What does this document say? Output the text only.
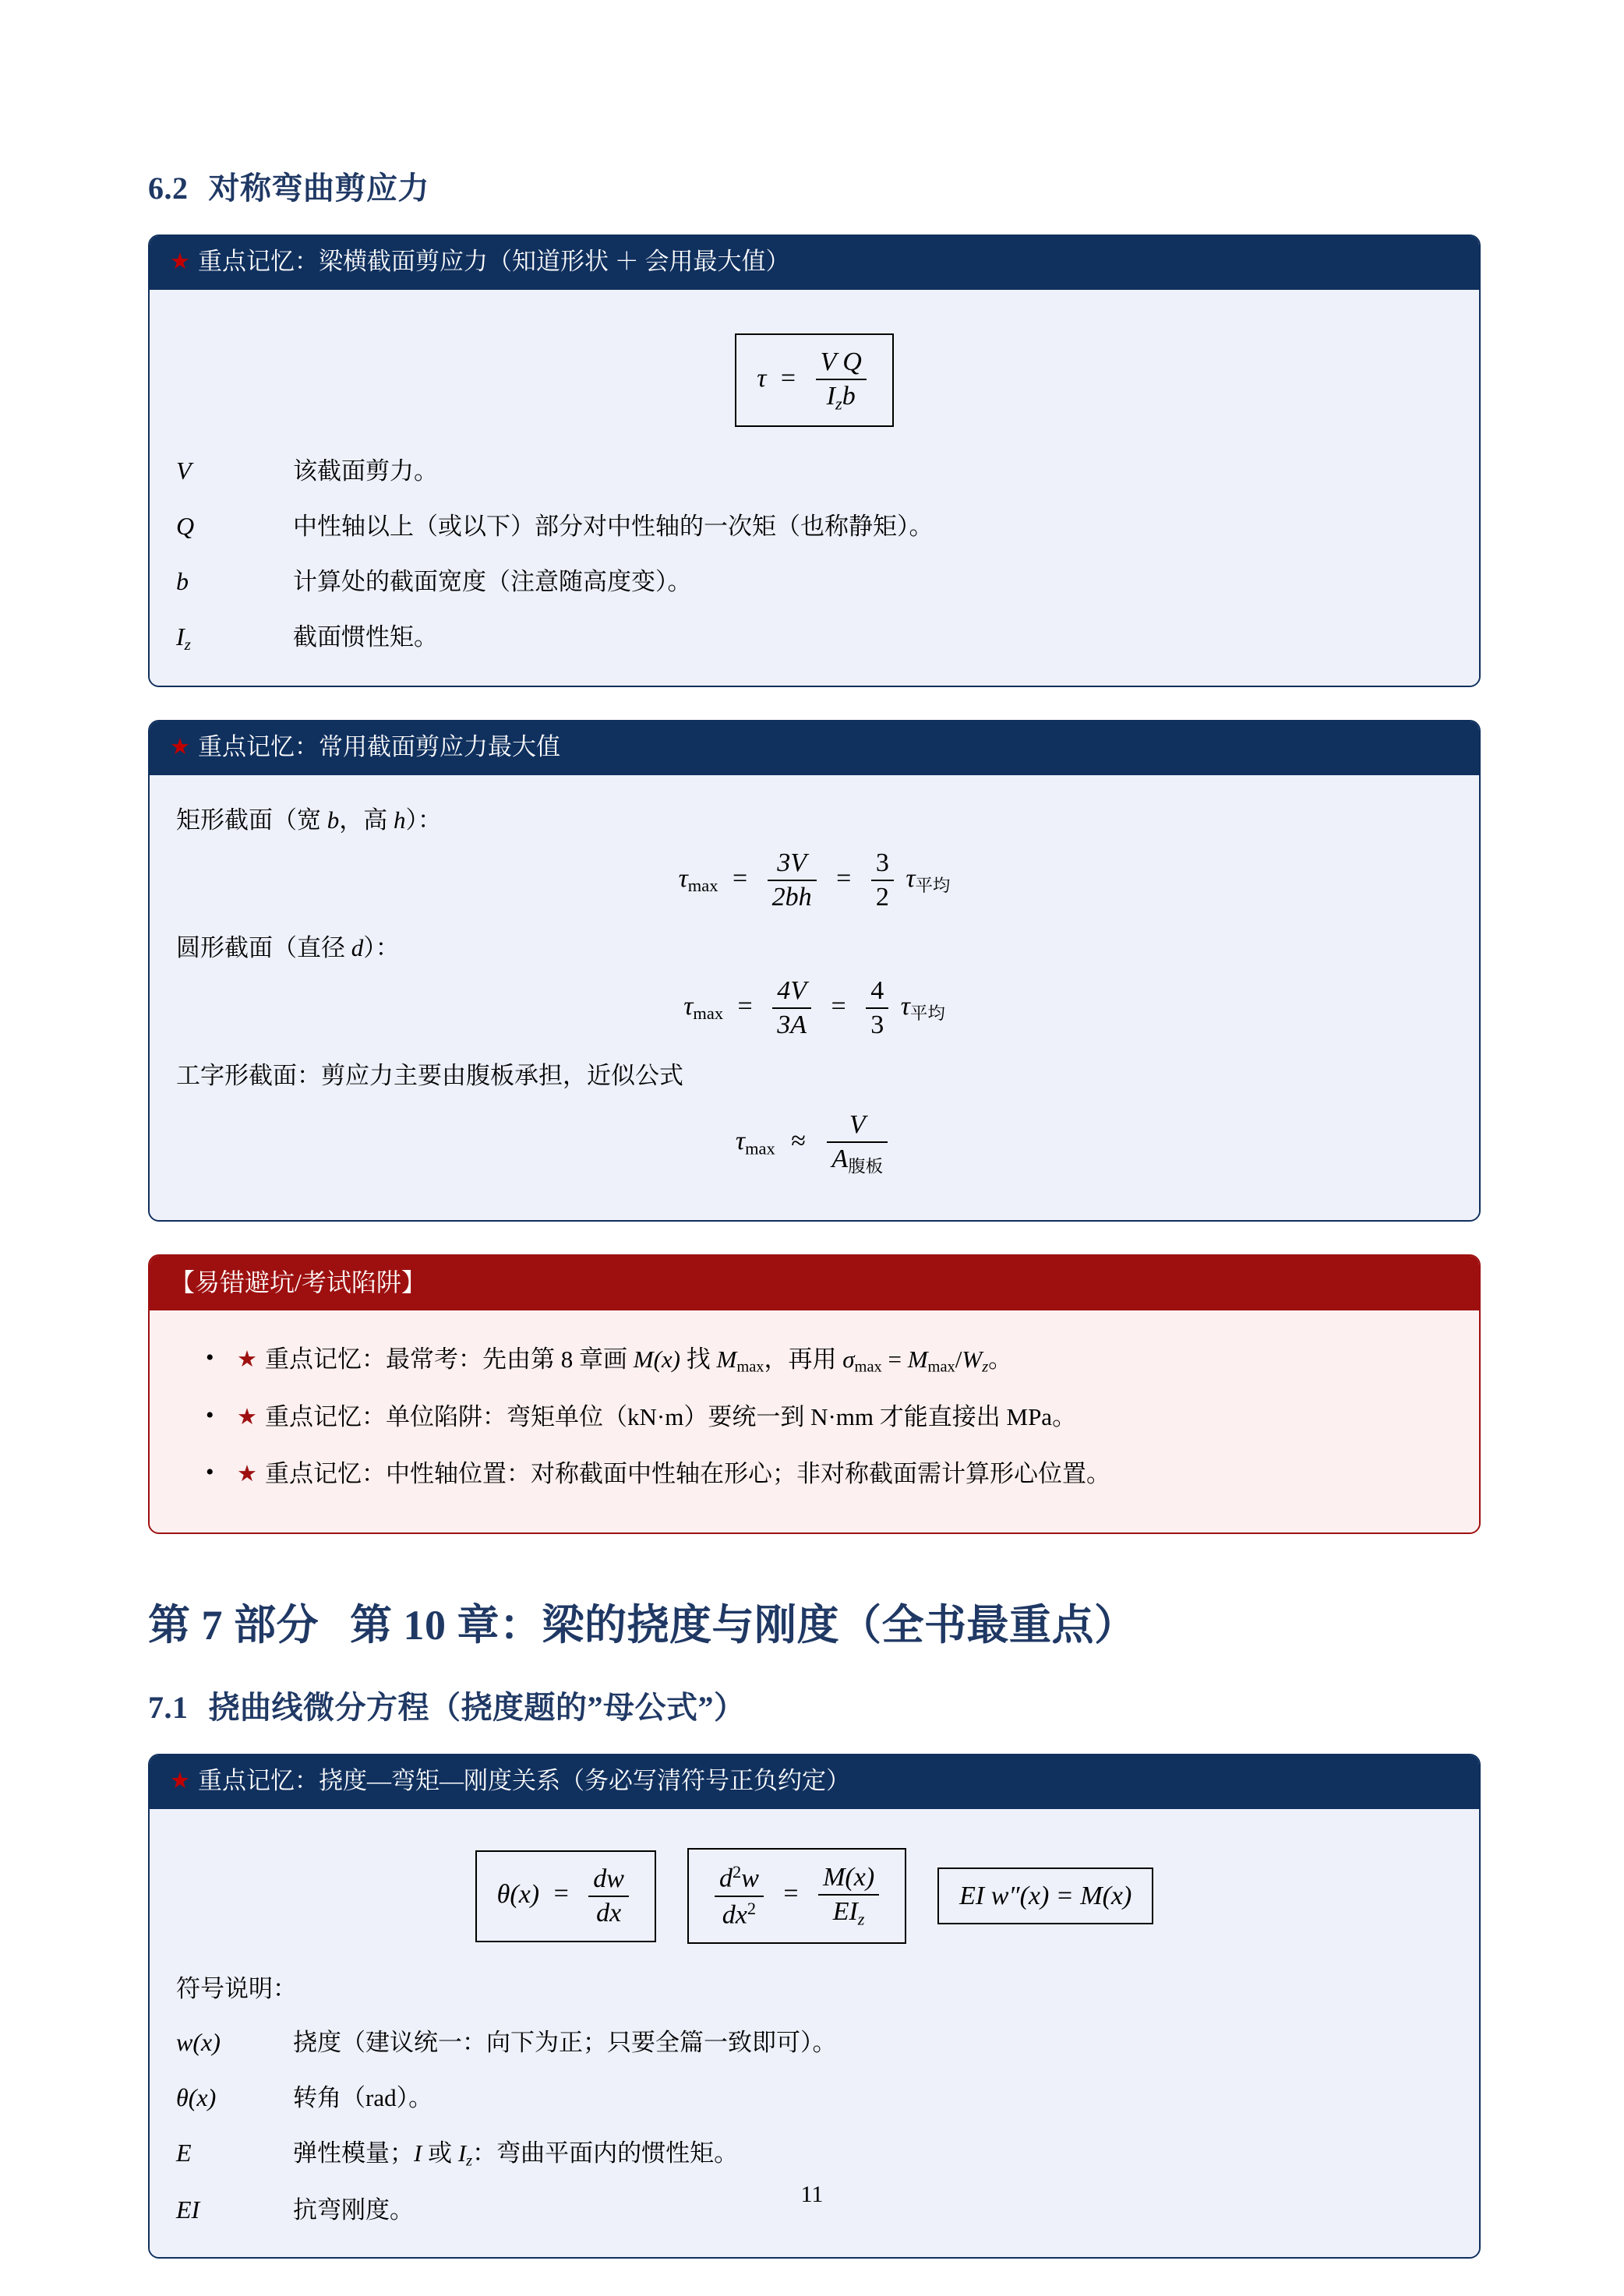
6.2 对称弯曲剪应力
★ 重点记忆：梁横截面剪应力（知道形状 ＋ 会用最大值）
$\tau = \frac{\text{V Q}}{I_zb}$
V	该截面剪力。
Q	中性轴以上（或以下）部分对中性轴的一次矩（也称静矩）。
b	计算处的截面宽度（注意随高度变）。
$I_z$	截面惯性矩。
★ 重点记忆：常用截面剪应力最大值
矩形截面（宽 b，高 h）：
$\tau_{max} = \frac{3V}{2bh} = \frac{3}{2} \tau_{平均}$
圆形截面（直径 d）：
$\tau_{max} = \frac{4V}{3A} = \frac{4}{3} \tau_{平均}$
工字形截面：剪应力主要由腹板承担，近似公式
$\tau_{max} \approx \frac{V}{A_{腹板}}$
【易错避坑/考试陷阱】
• ★ 重点记忆：最常考：先由第 8 章画 M(x) 找 $M_{max}$，再用 $\sigma_{max} = M_{max}/W_z$。
• ★ 重点记忆：单位陷阱：弯矩单位（kN·m）要统一到 N·mm 才能直接出 MPa。
• ★ 重点记忆：中性轴位置：对称截面中性轴在形心；非对称截面需计算形心位置。
第 7 部分 第 10 章：梁的挠度与刚度（全书最重点）
7.1 挠曲线微分方程（挠度题的”母公式”）
★ 重点记忆：挠度—弯矩—刚度关系（务必写清符号正负约定）
$\theta(x) = \frac{dw}{dx}$	$\frac{d^2w}{dx^2} = \frac{M(x)}{EI_z}$	EI w″(x) = M(x)
符号说明：
w(x)	挠度（建议统一：向下为正；只要全篇一致即可）。
θ(x)	转角（rad）。
E	弹性模量；I 或 $I_z$：弯曲平面内的惯性矩。
EI	抗弯刚度。
11
